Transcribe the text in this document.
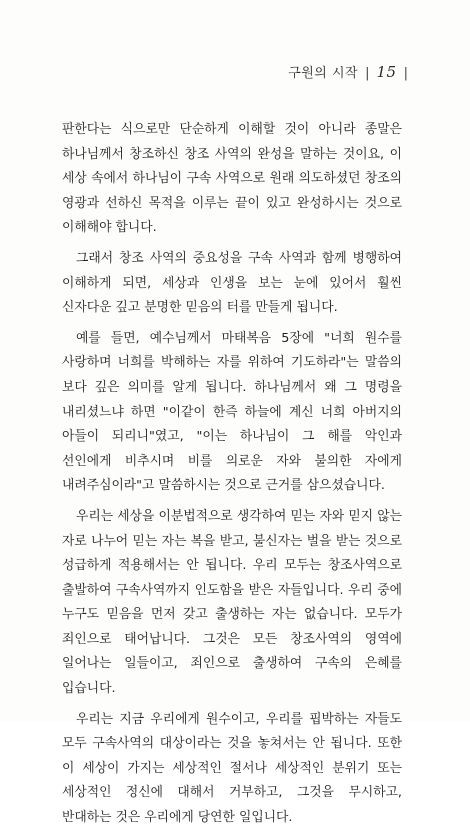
구원의 시작 | 15 |

판한다는 식으로만 단순하게 이해할 것이 아니라 종말은 하나님께서 창조하신 창조 사역의 완성을 말하는 것이요, 이 세상 속에서 하나님이 구속 사역으로 원래 의도하셨던 창조의 영광과 선하신 목적을 이루는 끝이 있고 완성하시는 것으로 이해해야 합니다.

그래서 창조 사역의 중요성을 구속 사역과 함께 병행하여 이해하게 되면, 세상과 인생을 보는 눈에 있어서 훨씬 신자다운 깊고 분명한 믿음의 터를 만들게 됩니다.

예를 들면, 예수님께서 마태복음 5장에 "너희 원수를 사랑하며 너희를 박해하는 자를 위하여 기도하라"는 말씀의 보다 깊은 의미를 알게 됩니다. 하나님께서 왜 그 명령을 내리셨느냐 하면 "이같이 한즉 하늘에 계신 너희 아버지의 아들이 되리니"였고, "이는 하나님이 그 해를 악인과 선인에게 비추시며 비를 의로운 자와 불의한 자에게 내려주심이라"고 말씀하시는 것으로 근거를 삼으셨습니다.

우리는 세상을 이분법적으로 생각하여 믿는 자와 믿지 않는 자로 나누어 믿는 자는 복을 받고, 불신자는 벌을 받는 것으로 성급하게 적용해서는 안 됩니다. 우리 모두는 창조사역으로 출발하여 구속사역까지 인도함을 받은 자들입니다. 우리 중에 누구도 믿음을 먼저 갖고 출생하는 자는 없습니다. 모두가 죄인으로 태어납니다. 그것은 모든 창조사역의 영역에 일어나는 일들이고, 죄인으로 출생하여 구속의 은혜를 입습니다.

우리는 지금 우리에게 원수이고, 우리를 핍박하는 자들도 모두 구속사역의 대상이라는 것을 놓쳐서는 안 됩니다. 또한 이 세상이 가지는 세상적인 절서나 세상적인 분위기 또는 세상적인 정신에 대해서 거부하고, 그것을 무시하고, 반대하는 것은 우리에게 당연한 일입니다.
